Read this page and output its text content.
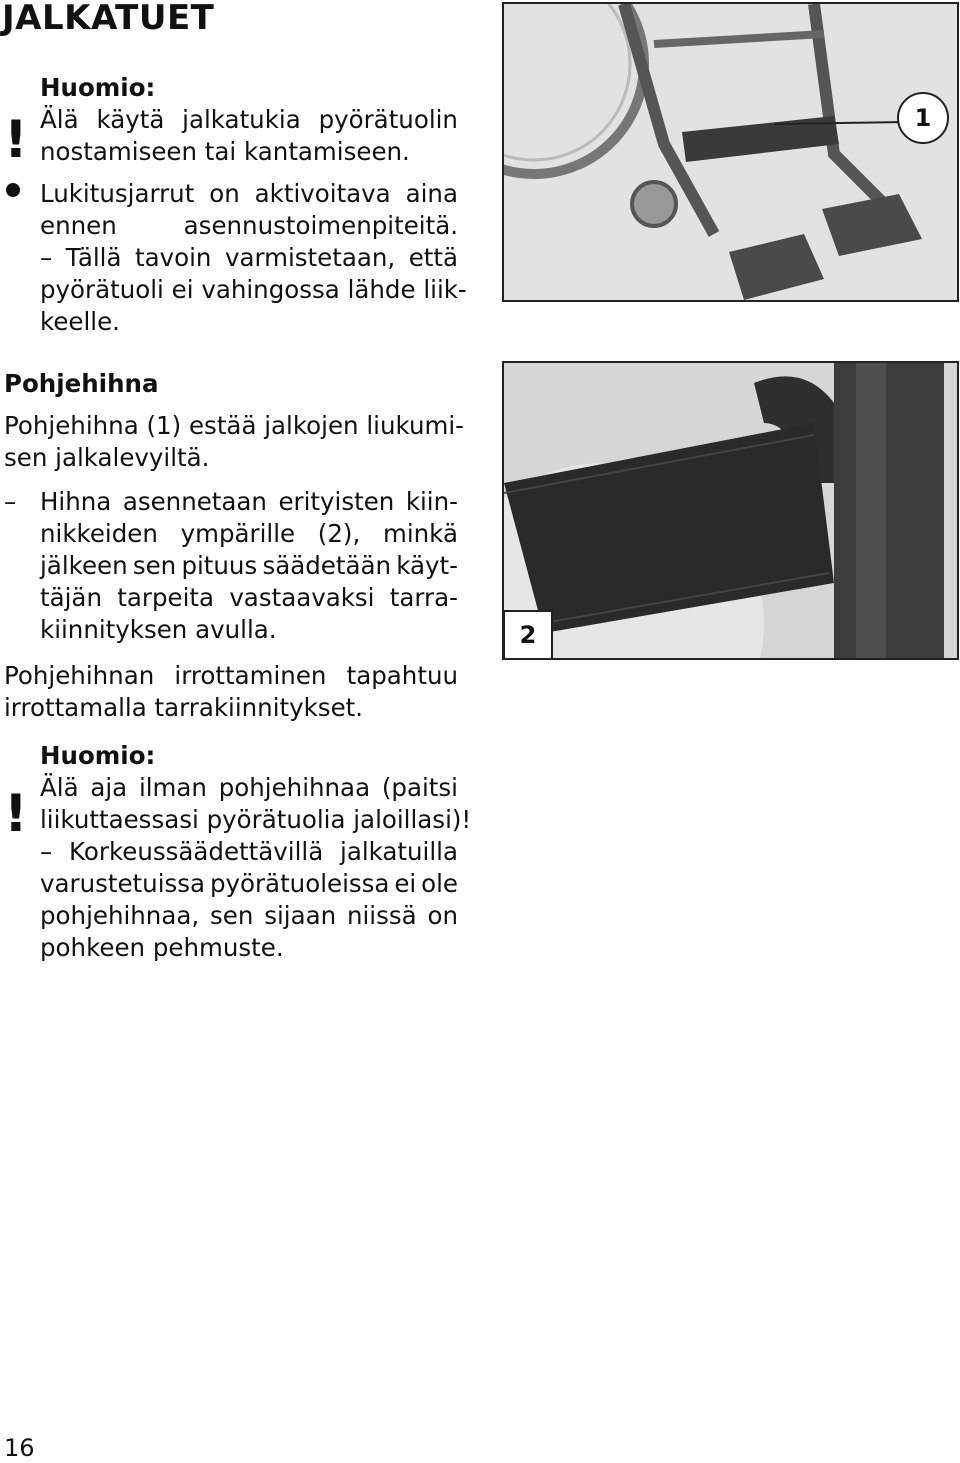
JALKATUET
!
Huomio:
Älä käytä jalkatukia pyörätuolin
nostamiseen tai kantamiseen.
Lukitusjarrut on aktivoitava aina
ennen	asennustoimenpiteitä.
– Tällä tavoin varmistetaan, että
pyörätuoli ei vahingossa lähde liik-
keelle.
Pohjehihna
Pohjehihna (1) estää jalkojen liukumi-
sen jalkalevyiltä.
– Hihna asennetaan erityisten kiin-
nikkeiden ympärille (2), minkä
jälkeen sen pituus säädetään käyt-
täjän tarpeita vastaavaksi tarra-
kiinnityksen avulla.
Pohjehihnan irrottaminen tapahtuu
irrottamalla tarrakiinnitykset.
!
Huomio:
Älä aja ilman pohjehihnaa (paitsi
liikuttaessasi pyörätuolia jaloillasi)!
– Korkeussäädettävillä jalkatuilla
varustetuissa pyörätuoleissa ei ole
pohjehihnaa, sen sijaan niissä on
pohkeen pehmuste.
1
2
16
